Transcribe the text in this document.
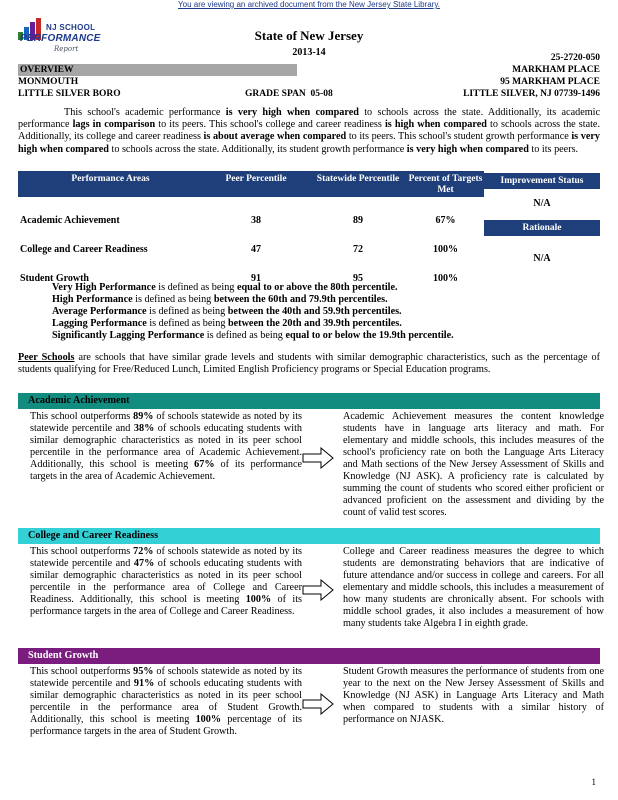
You are viewing an archived document from the New Jersey State Library.
NJ SCHOOL
PERFORMANCE
Report
State of New Jersey
2013-14	25-2720-050
OVERVIEW
MONMOUTH
LITTLE SILVER BORO	GRADE SPAN 05-08
MARKHAM PLACE
95 MARKHAM PLACE
LITTLE SILVER, NJ 07739-1496
This school's academic performance is very high when compared to schools across the state. Additionally, its academic performance lags in comparison to its peers. This school's college and career readiness is high when compared to schools across the state. Additionally, its college and career readiness is about average when compared to its peers. This school's student growth performance is very high when compared to schools across the state. Additionally, its student growth performance is very high when compared to its peers.
Performance Areas	Peer Percentile	Statewide Percentile	Percent of Targets Met
Academic Achievement	38	89	67%
College and Career Readiness	47	72	100%
Student Growth	91	95	100%
Improvement Status
N/A
Rationale
N/A
Very High Performance is defined as being equal to or above the 80th percentile.
High Performance is defined as being between the 60th and 79.9th percentiles.
Average Performance is defined as being between the 40th and 59.9th percentiles.
Lagging Performance is defined as being between the 20th and 39.9th percentiles.
Significantly Lagging Performance is defined as being equal to or below the 19.9th percentile.
Peer Schools are schools that have similar grade levels and students with similar demographic characteristics, such as the percentage of students qualifying for Free/Reduced Lunch, Limited English Proficiency programs or Special Education programs.
Academic Achievement
This school outperforms 89% of schools statewide as noted by its statewide percentile and 38% of schools educating students with similar demographic characteristics as noted in its peer school percentile in the performance area of Academic Achievement. Additionally, this school is meeting 67% of its performance targets in the area of Academic Achievement.
Academic Achievement measures the content knowledge students have in language arts literacy and math. For elementary and middle schools, this includes measures of the school's proficiency rate on both the Language Arts Literacy and Math sections of the New Jersey Assessment of Skills and Knowledge (NJ ASK). A proficiency rate is calculated by summing the count of students who scored either proficient or advanced proficient on the assessment and dividing by the count of valid test scores.
College and Career Readiness
This school outperforms 72% of schools statewide as noted by its statewide percentile and 47% of schools educating students with similar demographic characteristics as noted in its peer school percentile in the performance area of College and Career Readiness. Additionally, this school is meeting 100% of its performance targets in the area of College and Career Readiness.
College and Career readiness measures the degree to which students are demonstrating behaviors that are indicative of future attendance and/or success in college and careers. For all elementary and middle schools, this includes a measurement of how many students are chronically absent. For schools with middle school grades, it also includes a measurement of how many students take Algebra I in eighth grade.
Student Growth
This school outperforms 95% of schools statewide as noted by its statewide percentile and 91% of schools educating students with similar demographic characteristics as noted in its peer school percentile in the performance area of Student Growth. Additionally, this school is meeting 100% percentage of its performance targets in the area of Student Growth.
Student Growth measures the performance of students from one year to the next on the New Jersey Assessment of Skills and Knowledge (NJ ASK) in Language Arts Literacy and Math when compared to students with a similar history of performance on NJASK.
1
